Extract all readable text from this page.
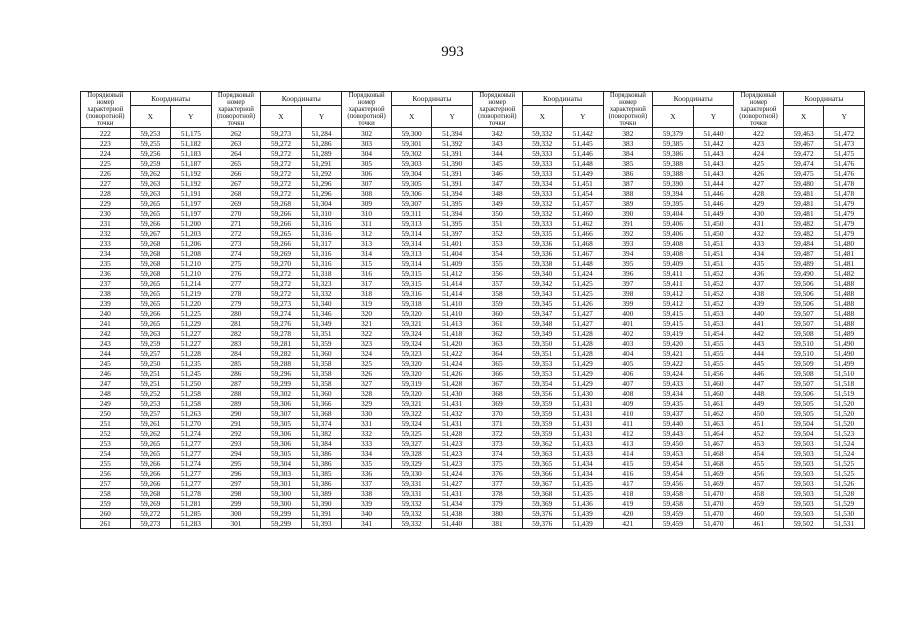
993
Порядковый номер характерной (поворотной) точки	Координаты		Порядковый номер характерной (поворотной) точки	Координаты		Порядковый номер характерной (поворотной) точки	Координаты		Порядковый номер характерной (поворотной) точки	Координаты		Порядковый номер характерной (поворотной) точки	Координаты		Порядковый номер характерной (поворотной) точки	Координаты	
	X	Y		X	Y		X	Y		X	Y		X	Y		X	Y
222	59,253	51,175	262	59,273	51,284	302	59,300	51,394	342	59,332	51,442	382	59,379	51,440	422	59,463	51,472
223	59,255	51,182	263	59,272	51,286	303	59,301	51,392	343	59,332	51,445	383	59,385	51,442	423	59,467	51,473
224	59,256	51,183	264	59,272	51,289	304	59,302	51,391	344	59,333	51,446	384	59,386	51,443	424	59,472	51,475
225	59,259	51,187	265	59,272	51,291	305	59,303	51,390	345	59,333	51,448	385	59,388	51,443	425	59,474	51,476
226	59,262	51,192	266	59,272	51,292	306	59,304	51,391	346	59,333	51,449	386	59,388	51,443	426	59,475	51,476
227	59,263	51,192	267	59,272	51,296	307	59,305	51,391	347	59,334	51,451	387	59,390	51,444	427	59,480	51,478
228	59,263	51,191	268	59,272	51,296	308	59,306	51,394	348	59,333	51,454	388	59,394	51,446	428	59,481	51,478
229	59,265	51,197	269	59,268	51,304	309	59,307	51,395	349	59,332	51,457	389	59,395	51,446	429	59,481	51,479
230	59,265	51,197	270	59,266	51,310	310	59,311	51,394	350	59,332	51,460	390	59,404	51,449	430	59,481	51,479
231	59,266	51,200	271	59,266	51,316	311	59,313	51,395	351	59,333	51,462	391	59,406	51,450	431	59,482	51,479
232	59,267	51,203	272	59,265	51,316	312	59,314	51,397	352	59,335	51,466	392	59,406	51,450	432	59,482	51,479
233	59,268	51,206	273	59,266	51,317	313	59,314	51,401	353	59,336	51,468	393	59,408	51,451	433	59,484	51,480
234	59,268	51,208	274	59,269	51,316	314	59,313	51,404	354	59,336	51,467	394	59,408	51,451	434	59,487	51,481
235	59,268	51,210	275	59,270	51,316	315	59,314	51,409	355	59,338	51,448	395	59,409	51,451	435	59,489	51,481
236	59,268	51,210	276	59,272	51,318	316	59,315	51,412	356	59,340	51,424	396	59,411	51,452	436	59,490	51,482
237	59,265	51,214	277	59,272	51,323	317	59,315	51,414	357	59,342	51,425	397	59,411	51,452	437	59,506	51,488
238	59,265	51,219	278	59,272	51,332	318	59,316	51,414	358	59,343	51,425	398	59,412	51,452	438	59,506	51,488
239	59,265	51,220	279	59,273	51,340	319	59,318	51,410	359	59,345	51,426	399	59,412	51,452	439	59,506	51,488
240	59,266	51,225	280	59,274	51,346	320	59,320	51,410	360	59,347	51,427	400	59,415	51,453	440	59,507	51,488
241	59,265	51,229	281	59,276	51,349	321	59,321	51,413	361	59,348	51,427	401	59,415	51,453	441	59,507	51,488
242	59,263	51,227	282	59,278	51,351	322	59,324	51,418	362	59,349	51,428	402	59,419	51,454	442	59,508	51,489
243	59,259	51,227	283	59,281	51,359	323	59,324	51,420	363	59,350	51,428	403	59,420	51,455	443	59,510	51,490
244	59,257	51,228	284	59,282	51,360	324	59,323	51,422	364	59,351	51,428	404	59,421	51,455	444	59,510	51,490
245	59,250	51,235	285	59,288	51,358	325	59,320	51,424	365	59,353	51,429	405	59,422	51,455	445	59,509	51,499
246	59,251	51,245	286	59,296	51,358	326	59,320	51,426	366	59,353	51,429	406	59,424	51,456	446	59,508	51,510
247	59,251	51,250	287	59,299	51,358	327	59,319	51,428	367	59,354	51,429	407	59,433	51,460	447	59,507	51,518
248	59,252	51,258	288	59,302	51,360	328	59,320	51,430	368	59,356	51,430	408	59,434	51,460	448	59,506	51,519
249	59,253	51,258	289	59,306	51,366	329	59,321	51,431	369	59,359	51,431	409	59,435	51,461	449	59,505	51,520
250	59,257	51,263	290	59,307	51,368	330	59,322	51,432	370	59,359	51,431	410	59,437	51,462	450	59,505	51,520
251	59,261	51,270	291	59,305	51,374	331	59,324	51,431	371	59,359	51,431	411	59,440	51,463	451	59,504	51,520
252	59,262	51,274	292	59,306	51,382	332	59,325	51,428	372	59,359	51,431	412	59,443	51,464	452	59,504	51,523
253	59,265	51,277	293	59,306	51,384	333	59,327	51,423	373	59,362	51,433	413	59,450	51,467	453	59,503	51,524
254	59,265	51,277	294	59,305	51,386	334	59,328	51,423	374	59,363	51,433	414	59,453	51,468	454	59,503	51,524
255	59,266	51,274	295	59,304	51,386	335	59,329	51,423	375	59,365	51,434	415	59,454	51,468	455	59,503	51,525
256	59,266	51,277	296	59,303	51,385	336	59,330	51,424	376	59,366	51,434	416	59,454	51,469	456	59,503	51,525
257	59,266	51,277	297	59,301	51,386	337	59,331	51,427	377	59,367	51,435	417	59,456	51,469	457	59,503	51,526
258	59,268	51,278	298	59,300	51,389	338	59,331	51,431	378	59,368	51,435	418	59,458	51,470	458	59,503	51,528
259	59,269	51,281	299	59,300	51,390	339	59,332	51,434	379	59,369	51,436	419	59,458	51,470	459	59,503	51,529
260	59,272	51,285	300	59,299	51,391	340	59,332	51,438	380	59,376	51,439	420	59,459	51,470	460	59,503	51,530
261	59,273	51,283	301	59,299	51,393	341	59,332	51,440	381	59,376	51,439	421	59,459	51,470	461	59,502	51,531
